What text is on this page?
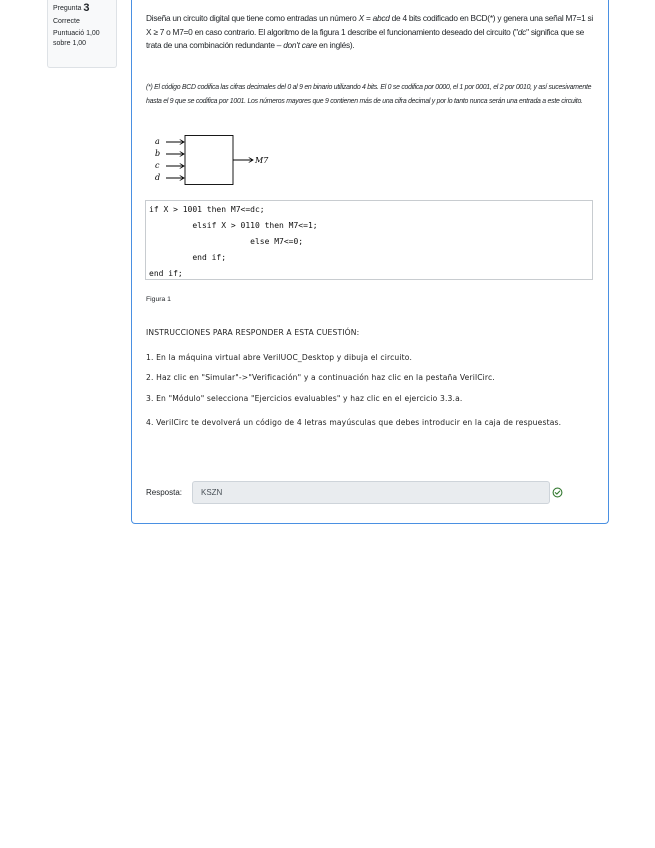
Pregunta 3
Correcte
Puntuació 1,00
sobre 1,00
Diseña un circuito digital que tiene como entradas un número X = abcd de 4 bits codificado en BCD(*) y genera una señal M7=1 si X ≥ 7 o M7=0 en caso contrario. El algoritmo de la figura 1 describe el funcionamiento deseado del circuito ("dc" significa que se trata de una combinación redundante – don't care en inglés).
(*) El código BCD codifica las cifras decimales del 0 al 9 en binario utilizando 4 bits. El 0 se codifica por 0000, el 1 por 0001, el 2 por 0010, y así sucesivamente hasta el 9 que se codifica por 1001. Los números mayores que 9 contienen más de una cifra decimal y por lo tanto nunca serán una entrada a este circuito.
a
b
c
d
M7
if X > 1001 then M7<=dc;
elsif X > 0110 then M7<=1;
else M7<=0;
end if;
end if;
Figura 1

INSTRUCCIONES PARA RESPONDER A ESTA CUESTIÓN:

1. En la máquina virtual abre VerilUOC_Desktop y dibuja el circuito.

2. Haz clic en "Simular"->"Verificación" y a continuación haz clic en la pestaña VerilCirc.

3. En "Módulo" selecciona "Ejercicios evaluables" y haz clic en el ejercicio 3.3.a.

4. VerilCirc te devolverá un código de 4 letras mayúsculas que debes introducir en la caja de respuestas.

Resposta:
KSZN
